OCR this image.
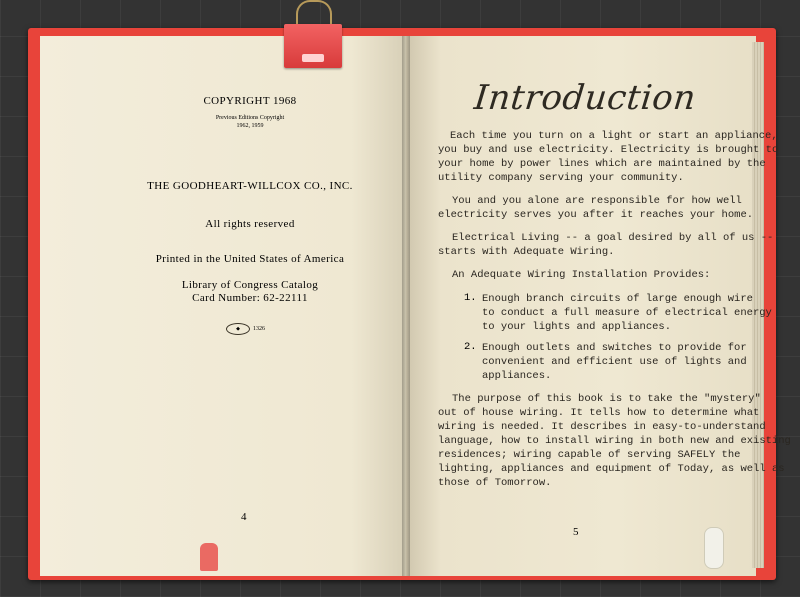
COPYRIGHT 1968
Previous Editions Copyright
1962, 1959
THE GOODHEART-WILLCOX CO., INC.
All rights reserved
Printed in the United States of America
Library of Congress Catalog
Card Number: 62-22111
◆	1326
4
Introduction
Each time you turn on a light or start an appliance,
you buy and use electricity. Electricity is brought to
your home by power lines which are maintained by the
utility company serving your community.
You and you alone are responsible for how well
electricity serves you after it reaches your home.
Electrical Living -- a goal desired by all of us --
starts with Adequate Wiring.
An Adequate Wiring Installation Provides:
1. Enough branch circuits of large enough wire
to conduct a full measure of electrical energy
to your lights and appliances.
2. Enough outlets and switches to provide for
convenient and efficient use of lights and
appliances.
The purpose of this book is to take the "mystery"
out of house wiring. It tells how to determine what
wiring is needed. It describes in easy-to-understand
language, how to install wiring in both new and existing
residences; wiring capable of serving SAFELY the
lighting, appliances and equipment of Today, as well as
those of Tomorrow.
5
